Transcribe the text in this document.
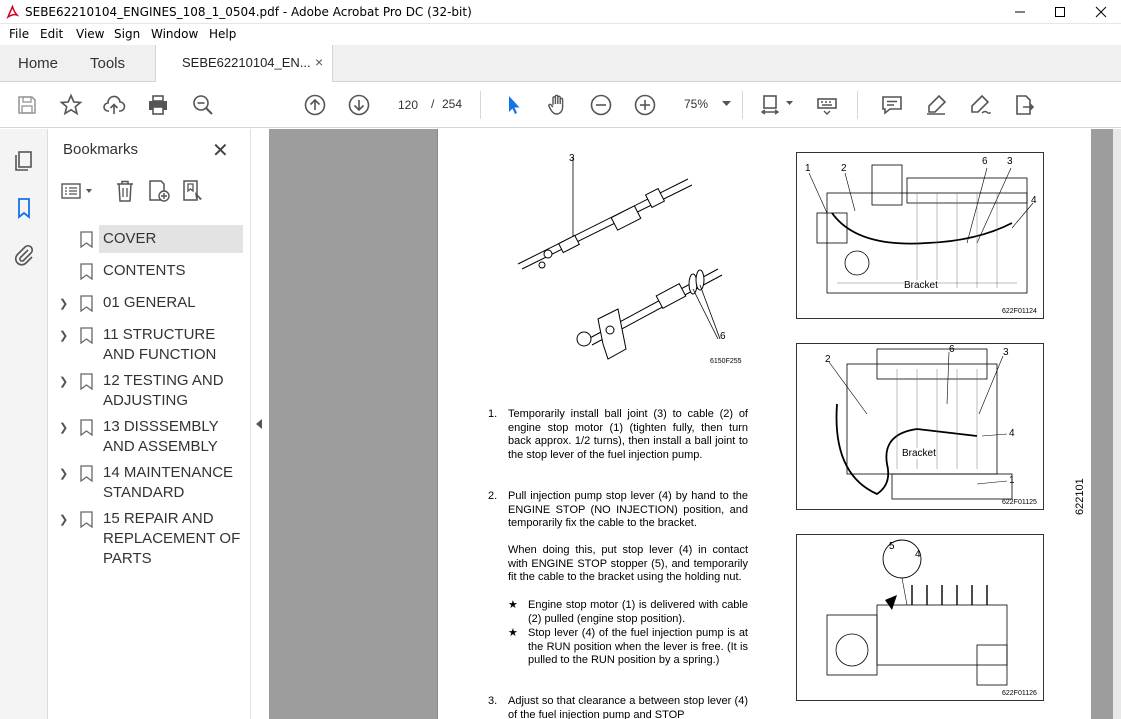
SEBE62210104_ENGINES_108_1_0504.pdf - Adobe Acrobat Pro DC (32-bit)
File Edit View Sign Window Help
Home Tools	SEBE62210104_EN... ×
120	/ 254	75%
Bookmarks	✕
COVER
CONTENTS
❯ 01 GENERAL
❯ 11 STRUCTURE AND FUNCTION
❯ 12 TESTING AND ADJUSTING
❯ 13 DISSSEMBLY AND ASSEMBLY
❯ 14 MAINTENANCE STANDARD
❯ 15 REPAIR AND REPLACEMENT OF PARTS
3
6
6150F255
1	2
6 3
4
Bracket
622F01124
2
6	3
4
1
Bracket
622F01125
5
4
622F01126
622101
1. Temporarily install ball joint (3) to cable (2) of engine stop motor (1) (tighten fully, then turn back approx. 1/2 turns), then install a ball joint to the stop lever of the fuel injection pump.
2. Pull injection pump stop lever (4) by hand to the ENGINE STOP (NO INJECTION) position, and temporarily fix the cable to the bracket.
When doing this, put stop lever (4) in contact with ENGINE STOP stopper (5), and temporarily fit the cable to the bracket using the holding nut.
★ Engine stop motor (1) is delivered with cable (2) pulled (engine stop position).
★ Stop lever (4) of the fuel injection pump is at the RUN position when the lever is free. (It is pulled to the RUN position by a spring.)
3. Adjust so that clearance a between stop lever (4) of the fuel injection pump and STOP
